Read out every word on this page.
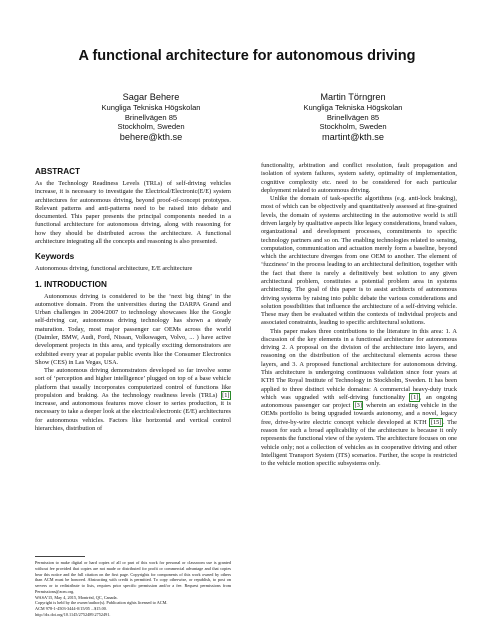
A functional architecture for autonomous driving
Sagar Behere
Kungliga Tekniska Högskolan
Brinellvägen 85
Stockholm, Sweden
behere@kth.se
Martin Törngren
Kungliga Tekniska Högskolan
Brinellvägen 85
Stockholm, Sweden
martint@kth.se
ABSTRACT

As the Technology Readiness Levels (TRLs) of self-driving vehicles increase, it is necessary to investigate the Electrical/Electronic(E/E) system architectures for autonomous driving, beyond proof-of-concept prototypes. Relevant patterns and anti-patterns need to be raised into debate and documented. This paper presents the principal components needed in a functional architecture for autonomous driving, along with reasoning for how they should be distributed across the architecture. A functional architecture integrating all the concepts and reasoning is also presented.

Keywords

Autonomous driving, functional architecture, E/E architecture

1. INTRODUCTION

Autonomous driving is considered to be the ‘next big thing’ in the automotive domain. From the universities during the DARPA Grand and Urban challenges in 2004/2007 to technology showcases like the Google self-driving car, autonomous driving technology has shown a steady maturation. Today, most major passenger car OEMs across the world (Daimler, BMW, Audi, Ford, Nissan, Volkswagen, Volvo, ... ) have active development projects in this area, and typically exciting demonstrators are exhibited every year at popular public events like the Consumer Electronics Show (CES) in Las Vegas, USA.

The autonomous driving demonstrators developed so far involve some sort of ‘perception and higher intelligence’ plugged on top of a base vehicle platform that usually incorporates computerized control of functions like propulsion and braking. As the technology readiness levels (TRLs) [1] increase, and autonomous features move closer to series production, it is necessary to take a deeper look at the electrical/electronic (E/E) architectures for autonomous vehicles. Factors like horizontal and vertical control hierarchies, distribution of

Permission to make digital or hard copies of all or part of this work for personal or classroom use is granted without fee provided that copies are not made or distributed for profit or commercial advantage and that copies bear this notice and the full citation on the first page. Copyrights for components of this work owned by others than ACM must be honored. Abstracting with credit is permitted. To copy otherwise, or republish, to post on servers or to redistribute to lists, requires prior specific permission and/or a fee. Request permissions from Permissions@acm.org.

WASA’15, May 4, 2015, Montréal, QC, Canada.

Copyright is held by the owner/author(s). Publication rights licensed to ACM.

ACM 978-1-4503-3444-0/15/05 ...$15.00.

http://dx.doi.org/10.1145/2752489.2752491.

functionality, arbitration and conflict resolution, fault propagation and isolation of system failures, system safety, optimality of implementation, cognitive complexity etc. need to be considered for each particular deployment related to autonomous driving.

Unlike the domain of task-specific algorithms (e.g. anti-lock braking), most of which can be objectively and quantitatively assessed at fine-grained levels, the domain of systems architecting in the automotive world is still driven largely by qualitative aspects like legacy considerations, brand values, organizational and development processes, commitments to specific technology partners and so on. The enabling technologies related to sensing, computation, communication and actuation merely form a baseline, beyond which the architecture diverges from one OEM to another. The element of ‘fuzziness’ in the process leading to an architectural definition, together with the fact that there is rarely a definitively best solution to any given architectural problem, constitutes a potential problem area in systems architecting. The goal of this paper is to assist architects of autonomous driving systems by raising into public debate the various considerations and solution possibilities that influence the architecture of a self-driving vehicle. These may then be evaluated within the contexts of individual projects and associated constraints, leading to specific architectural solutions.

This paper makes three contributions to the literature in this area: 1. A discussion of the key elements in a functional architecture for autonomous driving 2. A proposal on the division of the architecture into layers, and reasoning on the distribution of the architectural elements across these layers, and 3. A proposed functional architecture for autonomous driving. This architecture is undergoing continuous validation since four years at KTH The Royal Institute of Technology in Stockholm, Sweden. It has been applied to three distinct vehicle domains: A commercial heavy-duty truck which was upgraded with self-driving functionality [1] , an ongoing autonomous passenger car project [3] wherein an existing vehicle in the OEMs portfolio is being upgraded towards autonomy, and a novel, legacy free, drive-by-wire electric concept vehicle developed at KTH [15] . The reason for such a broad applicability of the architecture is because it only represents the functional view of the system. The architecture focuses on one vehicle only; not a collection of vehicles as in cooperative driving and other Intelligent Transport System (ITS) scenarios. Further, the scope is restricted to the vehicle motion specific subsystems only.
